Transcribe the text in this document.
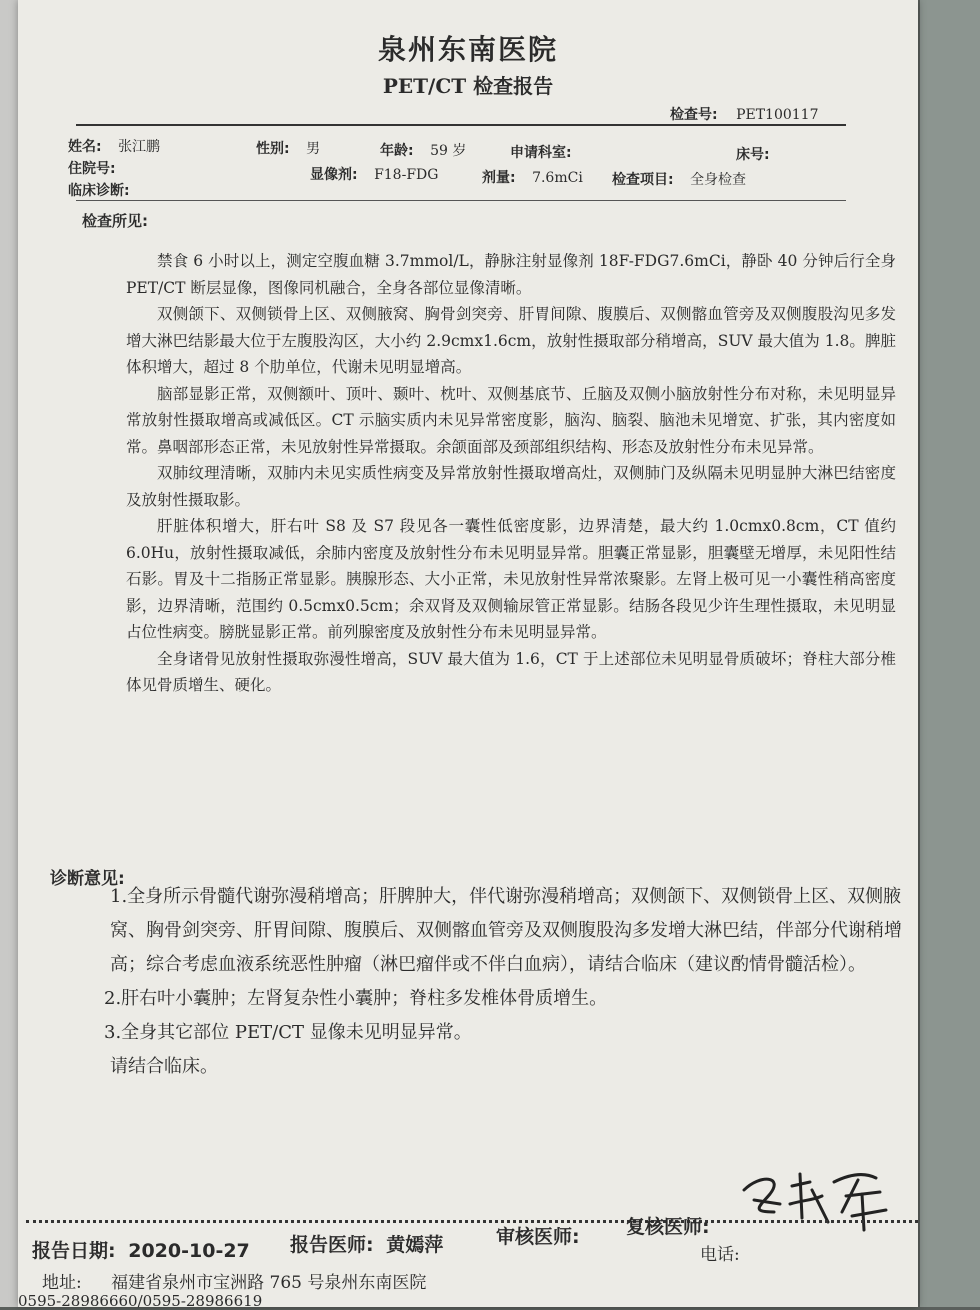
泉州东南医院
PET/CT 检查报告
检查号: PET100117
姓名: 张江鹏	性别: 男	年龄: 59 岁	申请科室:	床号:
住院号:	显像剂: F18-FDG	剂量: 7.6mCi 检查项目: 全身检查
临床诊断:
检查所见:

禁食 6 小时以上，测定空腹血糖 3.7mmol/L，静脉注射显像剂 18F-FDG7.6mCi，静卧 40 分钟后行全身 PET/CT 断层显像，图像同机融合，全身各部位显像清晰。

双侧颌下、双侧锁骨上区、双侧腋窝、胸骨剑突旁、肝胃间隙、腹膜后、双侧髂血管旁及双侧腹股沟见多发增大淋巴结影最大位于左腹股沟区，大小约 2.9cmx1.6cm，放射性摄取部分稍增高，SUV 最大值为 1.8。脾脏体积增大，超过 8 个肋单位，代谢未见明显增高。

脑部显影正常，双侧额叶、顶叶、颞叶、枕叶、双侧基底节、丘脑及双侧小脑放射性分布对称，未见明显异常放射性摄取增高或减低区。CT 示脑实质内未见异常密度影，脑沟、脑裂、脑池未见增宽、扩张，其内密度如常。鼻咽部形态正常，未见放射性异常摄取。余颌面部及颈部组织结构、形态及放射性分布未见异常。

双肺纹理清晰，双肺内未见实质性病变及异常放射性摄取增高灶，双侧肺门及纵隔未见明显肿大淋巴结密度及放射性摄取影。

肝脏体积增大，肝右叶 S8 及 S7 段见各一囊性低密度影，边界清楚，最大约 1.0cmx0.8cm，CT 值约 6.0Hu，放射性摄取减低，余肺内密度及放射性分布未见明显异常。胆囊正常显影，胆囊壁无增厚，未见阳性结石影。胃及十二指肠正常显影。胰腺形态、大小正常，未见放射性异常浓聚影。左肾上极可见一小囊性稍高密度影，边界清晰，范围约 0.5cmx0.5cm；余双肾及双侧输尿管正常显影。结肠各段见少许生理性摄取，未见明显占位性病变。膀胱显影正常。前列腺密度及放射性分布未见明显异常。

全身诸骨见放射性摄取弥漫性增高，SUV 最大值为 1.6，CT 于上述部位未见明显骨质破坏；脊柱大部分椎体见骨质增生、硬化。

诊断意见:

1.全身所示骨髓代谢弥漫稍增高；肝脾肿大，伴代谢弥漫稍增高；双侧颌下、双侧锁骨上区、双侧腋窝、胸骨剑突旁、肝胃间隙、腹膜后、双侧髂血管旁及双侧腹股沟多发增大淋巴结，伴部分代谢稍增高；综合考虑血液系统恶性肿瘤（淋巴瘤伴或不伴白血病），请结合临床（建议酌情骨髓活检）。

2.肝右叶小囊肿；左肾复杂性小囊肿；脊柱多发椎体骨质增生。

3.全身其它部位 PET/CT 显像未见明显异常。

请结合临床。

报告日期: 2020-10-27 报告医师: 黄嫣萍	审核医师: 复核医师:
电话:
地址: 福建省泉州市宝洲路 765 号泉州东南医院
0595-28986660/0595-28986619
